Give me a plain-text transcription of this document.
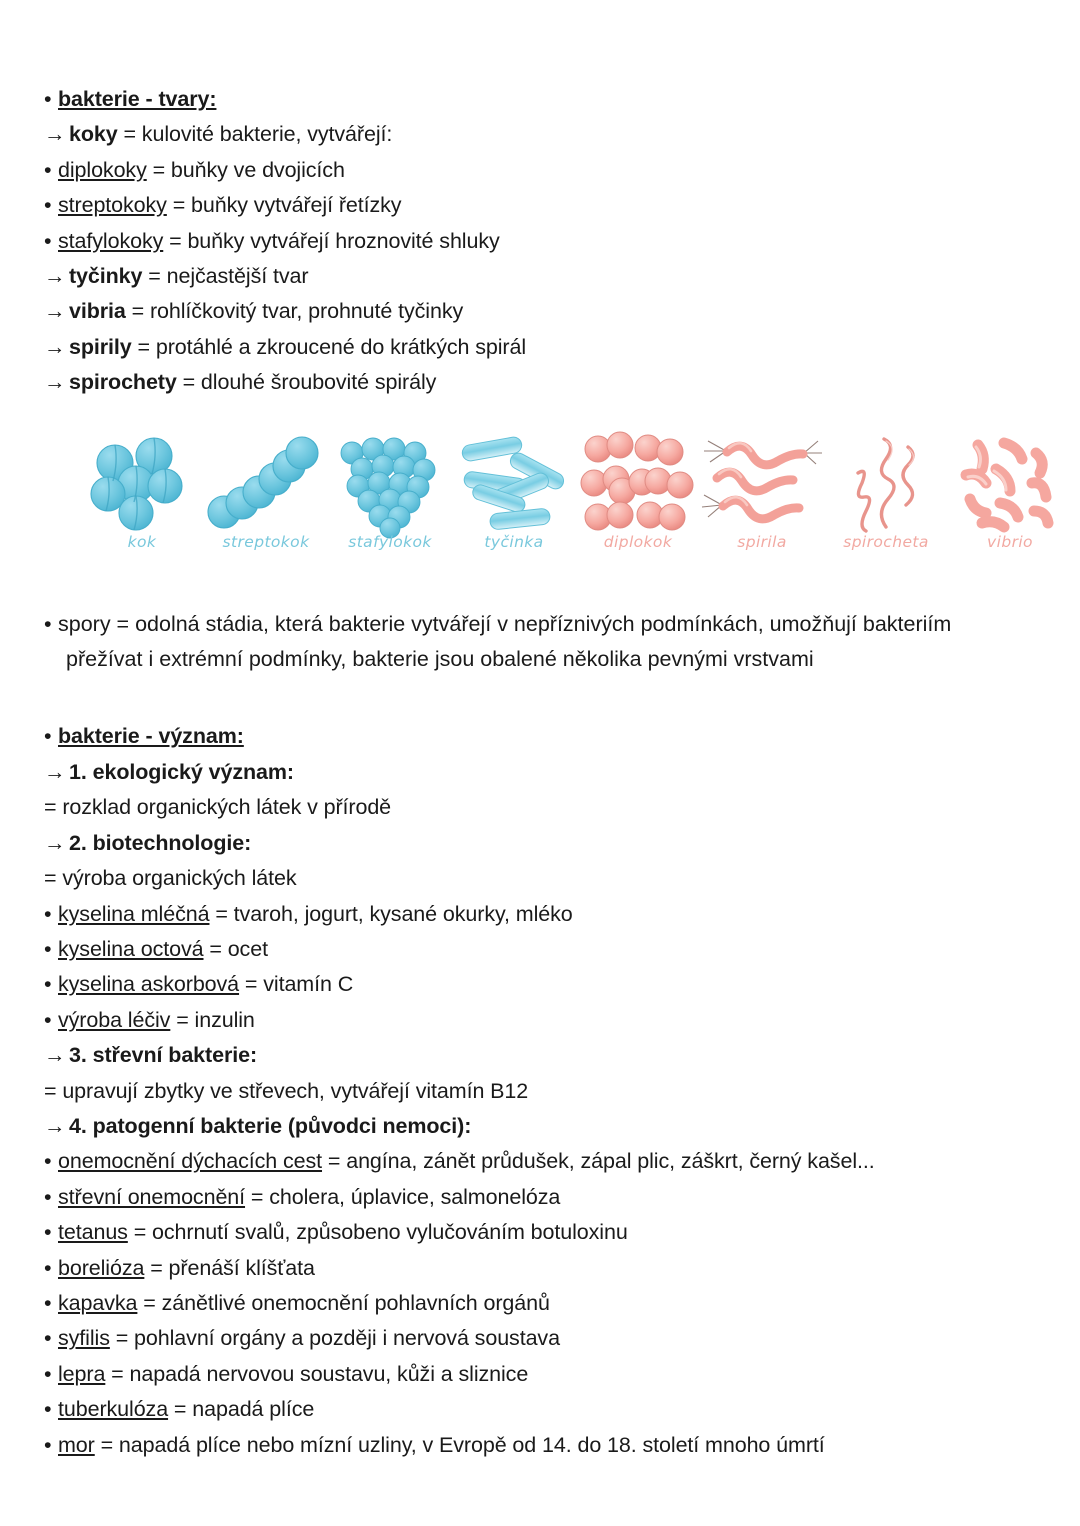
• bakterie - tvary:
→ koky = kulovité bakterie, vytvářejí:
• diplokoky = buňky ve dvojicích
• streptokoky = buňky vytvářejí řetízky
• stafylokoky = buňky vytvářejí hroznovité shluky
→ tyčinky = nejčastější tvar
→ vibria = rohlíčkovitý tvar, prohnuté tyčinky
→ spirily = protáhlé a zkroucené do krátkých spirál
→ spirochety = dlouhé šroubovité spirály
kok	streptokok	stafylokok	tyčinka	diplokok	spirila	spirocheta	vibrio
• spory = odolná stádia, která bakterie vytvářejí v nepříznivých podmínkách, umožňují bakteriím
přežívat i extrémní podmínky, bakterie jsou obalené několika pevnými vrstvami
• bakterie - význam:
→ 1. ekologický význam:
= rozklad organických látek v přírodě
→ 2. biotechnologie:
= výroba organických látek
• kyselina mléčná = tvaroh, jogurt, kysané okurky, mléko
• kyselina octová = ocet
• kyselina askorbová = vitamín C
• výroba léčiv = inzulin
→ 3. střevní bakterie:
= upravují zbytky ve střevech, vytvářejí vitamín B12
→ 4. patogenní bakterie (původci nemoci):
• onemocnění dýchacích cest = angína, zánět průdušek, zápal plic, záškrt, černý kašel...
• střevní onemocnění = cholera, úplavice, salmonelóza
• tetanus = ochrnutí svalů, způsobeno vylučováním botuloxinu
• borelióza = přenáší klíšťata
• kapavka = zánětlivé onemocnění pohlavních orgánů
• syfilis = pohlavní orgány a později i nervová soustava
• lepra = napadá nervovou soustavu, kůži a sliznice
• tuberkulóza = napadá plíce
• mor = napadá plíce nebo mízní uzliny, v Evropě od 14. do 18. století mnoho úmrtí
